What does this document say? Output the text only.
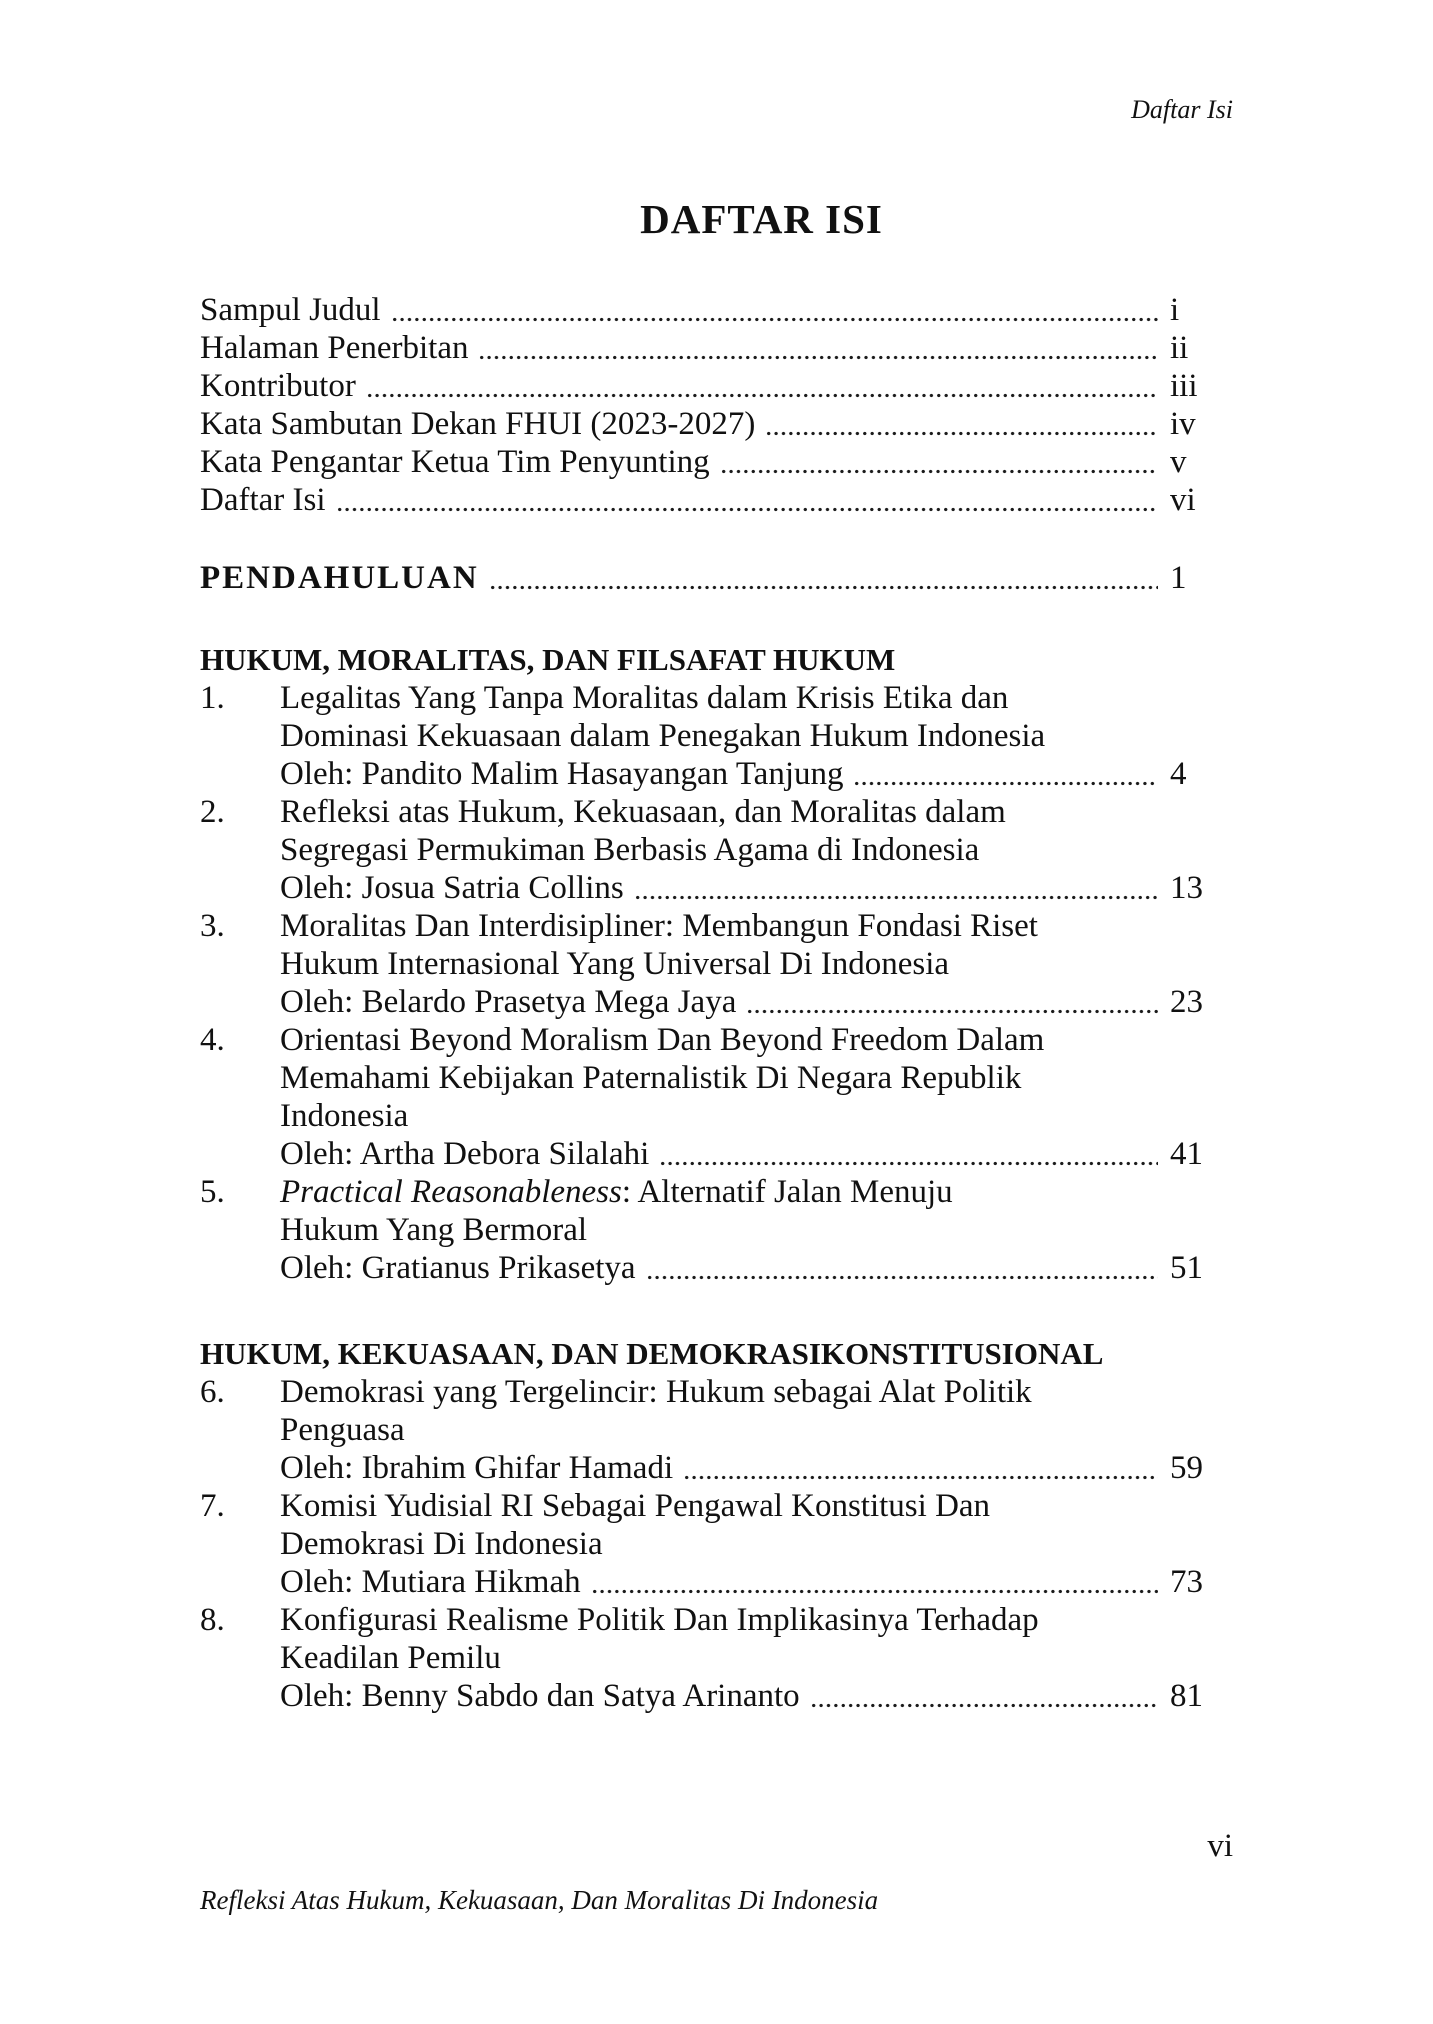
Daftar Isi
DAFTAR ISI
Sampul Judul	i
Halaman Penerbitan	ii
Kontributor	iii
Kata Sambutan Dekan FHUI (2023-2027)	iv
Kata Pengantar Ketua Tim Penyunting	v
Daftar Isi	vi
PENDAHULUAN	1
HUKUM, MORALITAS, DAN FILSAFAT HUKUM
1.	Legalitas Yang Tanpa Moralitas dalam Krisis Etika dan
Dominasi Kekuasaan dalam Penegakan Hukum Indonesia
Oleh: Pandito Malim Hasayangan Tanjung	4
2.	Refleksi atas Hukum, Kekuasaan, dan Moralitas dalam
Segregasi Permukiman Berbasis Agama di Indonesia
Oleh: Josua Satria Collins	13
3.	Moralitas Dan Interdisipliner: Membangun Fondasi Riset
Hukum Internasional Yang Universal Di Indonesia
Oleh: Belardo Prasetya Mega Jaya	23
4.	Orientasi Beyond Moralism Dan Beyond Freedom Dalam
Memahami Kebijakan Paternalistik Di Negara Republik
Indonesia
Oleh: Artha Debora Silalahi	41
5.	Practical Reasonableness: Alternatif Jalan Menuju
Hukum Yang Bermoral
Oleh: Gratianus Prikasetya	51
HUKUM, KEKUASAAN, DAN DEMOKRASIKONSTITUSIONAL
6.	Demokrasi yang Tergelincir: Hukum sebagai Alat Politik
Penguasa
Oleh: Ibrahim Ghifar Hamadi	59
7.	Komisi Yudisial RI Sebagai Pengawal Konstitusi Dan
Demokrasi Di Indonesia
Oleh: Mutiara Hikmah	73
8.	Konfigurasi Realisme Politik Dan Implikasinya Terhadap
Keadilan Pemilu
Oleh: Benny Sabdo dan Satya Arinanto	81
vi
Refleksi Atas Hukum, Kekuasaan, Dan Moralitas Di Indonesia
